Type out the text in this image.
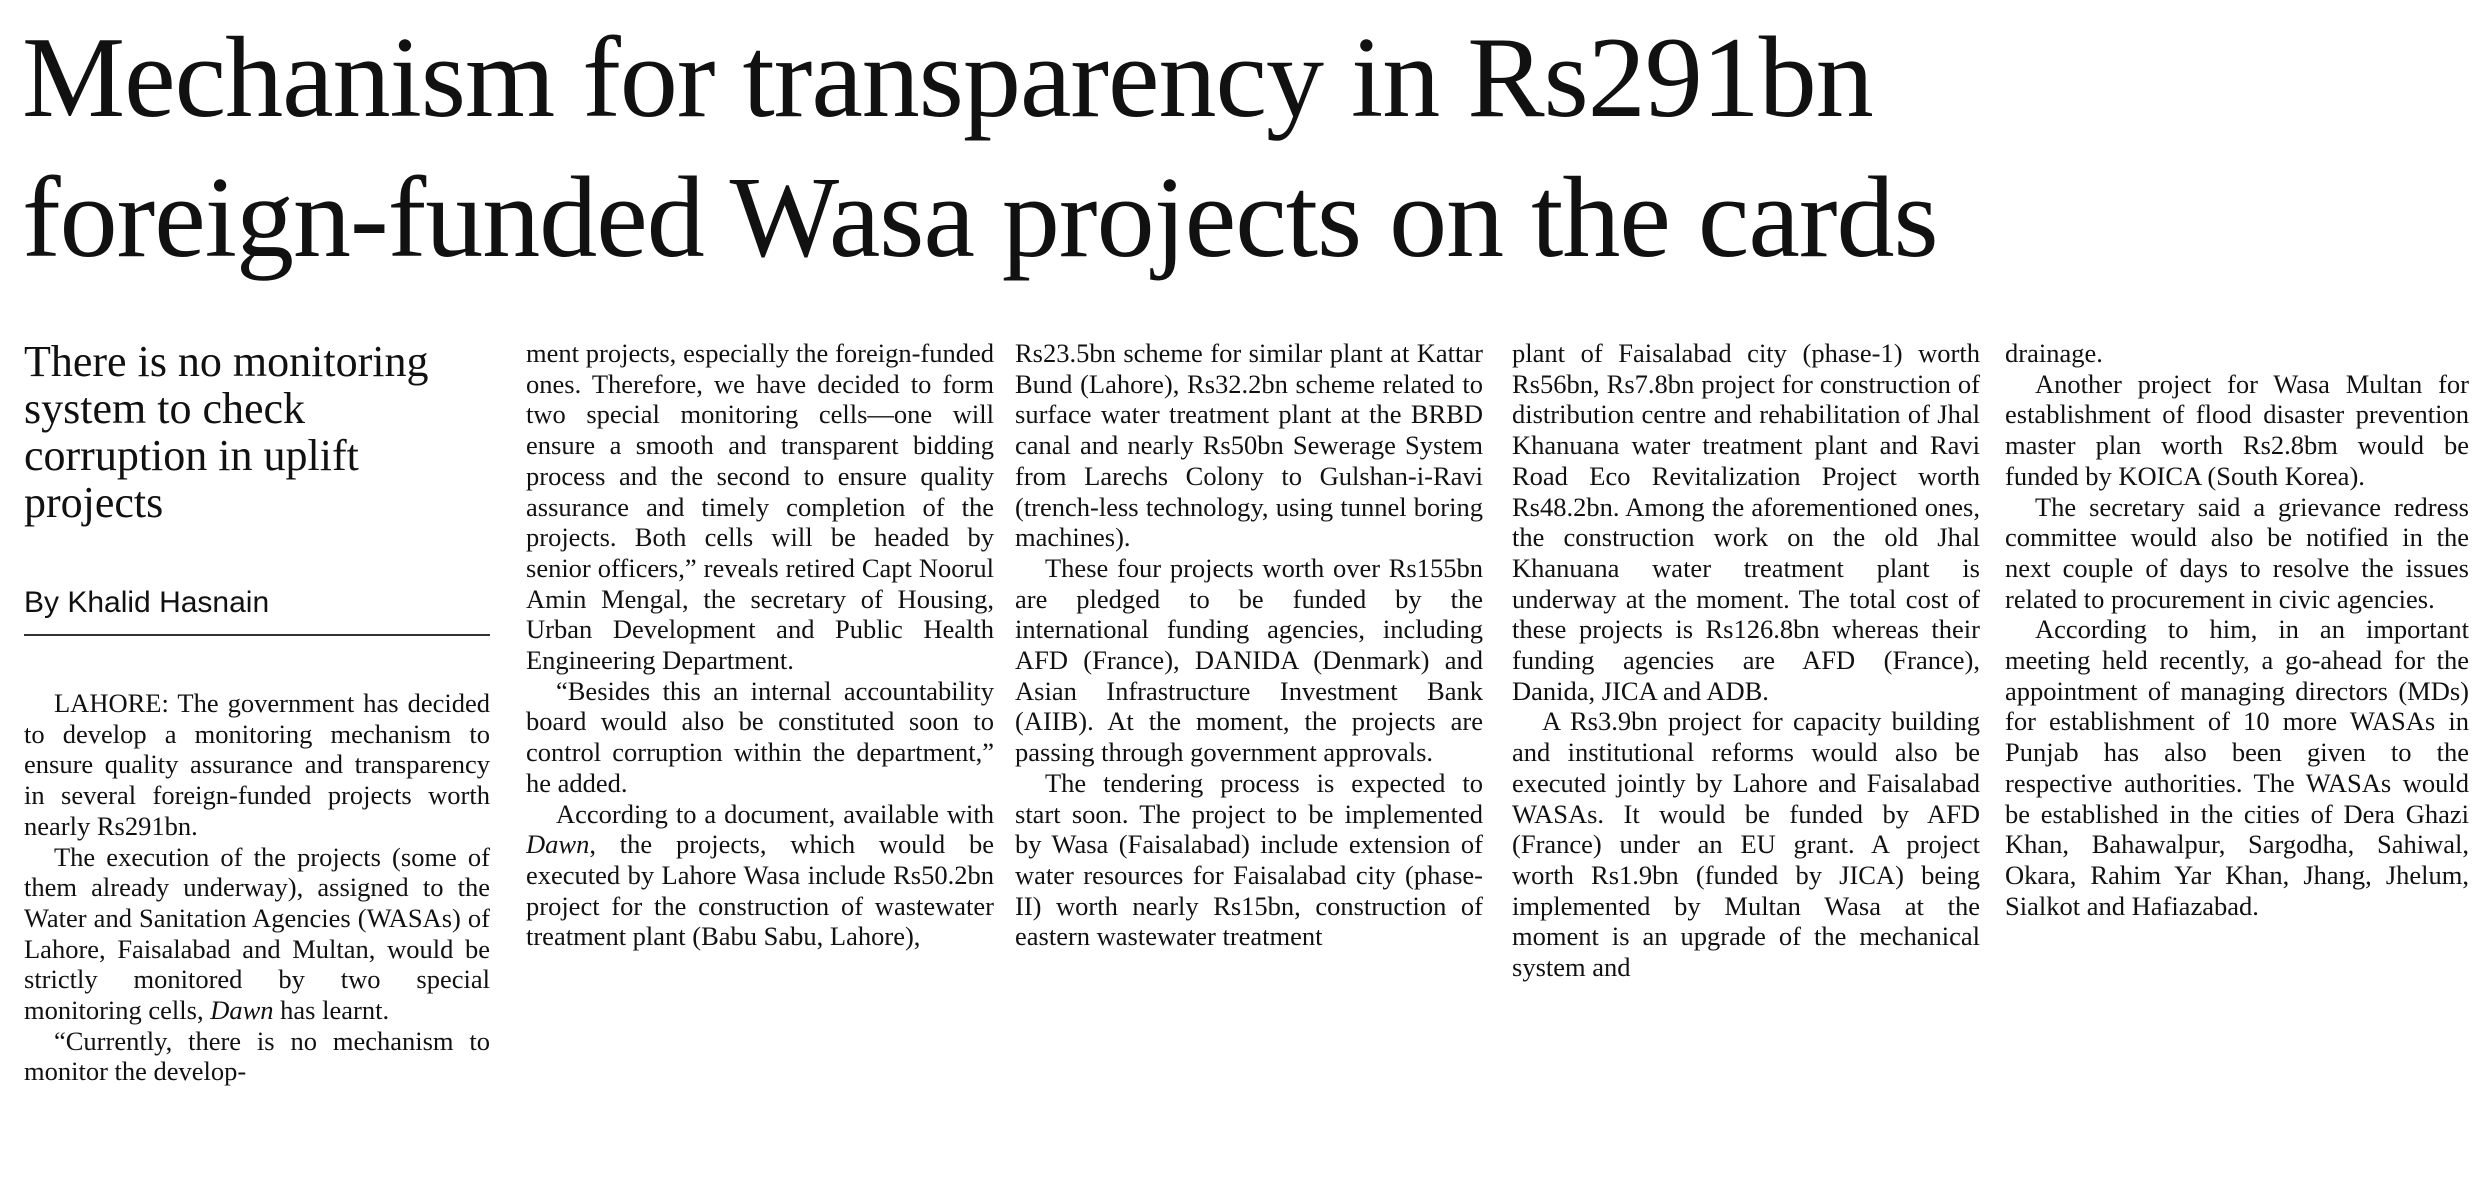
Mechanism for transparency in Rs291bn
foreign-funded Wasa projects on the cards
There is no monitoring system to check corruption in uplift projects
By Khalid Hasnain

LAHORE: The government has decided to develop a monitoring mechanism to ensure quality assurance and transparency in several foreign-funded projects worth nearly Rs291bn.

The execution of the projects (some of them already underway), assigned to the Water and Sanitation Agencies (WASAs) of Lahore, Faisalabad and Multan, would be strictly monitored by two special monitoring cells, Dawn has learnt.

“Currently, there is no mechanism to monitor the develop-

ment projects, especially the foreign-funded ones. Therefore, we have decided to form two special monitoring cells—one will ensure a smooth and transparent bidding process and the second to ensure quality assurance and timely completion of the projects. Both cells will be headed by senior officers,” reveals retired Capt Noorul Amin Mengal, the secretary of Housing, Urban Development and Public Health Engineering Department.

“Besides this an internal accountability board would also be constituted soon to control corruption within the department,” he added.

According to a document, available with Dawn, the projects, which would be executed by Lahore Wasa include Rs50.2bn project for the construction of wastewater treatment plant (Babu Sabu, Lahore),

Rs23.5bn scheme for similar plant at Kattar Bund (Lahore), Rs32.2bn scheme related to surface water treatment plant at the BRBD canal and nearly Rs50bn Sewerage System from Larechs Colony to Gulshan-i-Ravi (trench-less technology, using tunnel boring machines).

These four projects worth over Rs155bn are pledged to be funded by the international funding agencies, including AFD (France), DANIDA (Denmark) and Asian Infrastructure Investment Bank (AIIB). At the moment, the projects are passing through government approvals.

The tendering process is expected to start soon. The project to be implemented by Wasa (Faisalabad) include extension of water resources for Faisalabad city (phase-II) worth nearly Rs15bn, construction of eastern wastewater treatment

plant of Faisalabad city (phase-1) worth Rs56bn, Rs7.8bn project for construction of distribution centre and rehabilitation of Jhal Khanuana water treatment plant and Ravi Road Eco Revitalization Project worth Rs48.2bn. Among the aforementioned ones, the construction work on the old Jhal Khanuana water treatment plant is underway at the moment. The total cost of these projects is Rs126.8bn whereas their funding agencies are AFD (France), Danida, JICA and ADB.

A Rs3.9bn project for capacity building and institutional reforms would also be executed jointly by Lahore and Faisalabad WASAs. It would be funded by AFD (France) under an EU grant. A project worth Rs1.9bn (funded by JICA) being implemented by Multan Wasa at the moment is an upgrade of the mechanical system and

drainage.

Another project for Wasa Multan for establishment of flood disaster prevention master plan worth Rs2.8bm would be funded by KOICA (South Korea).

The secretary said a grievance redress committee would also be notified in the next couple of days to resolve the issues related to procurement in civic agencies.

According to him, in an important meeting held recently, a go-ahead for the appointment of managing directors (MDs) for establishment of 10 more WASAs in Punjab has also been given to the respective authorities. The WASAs would be established in the cities of Dera Ghazi Khan, Bahawalpur, Sargodha, Sahiwal, Okara, Rahim Yar Khan, Jhang, Jhelum, Sialkot and Hafiazabad.
